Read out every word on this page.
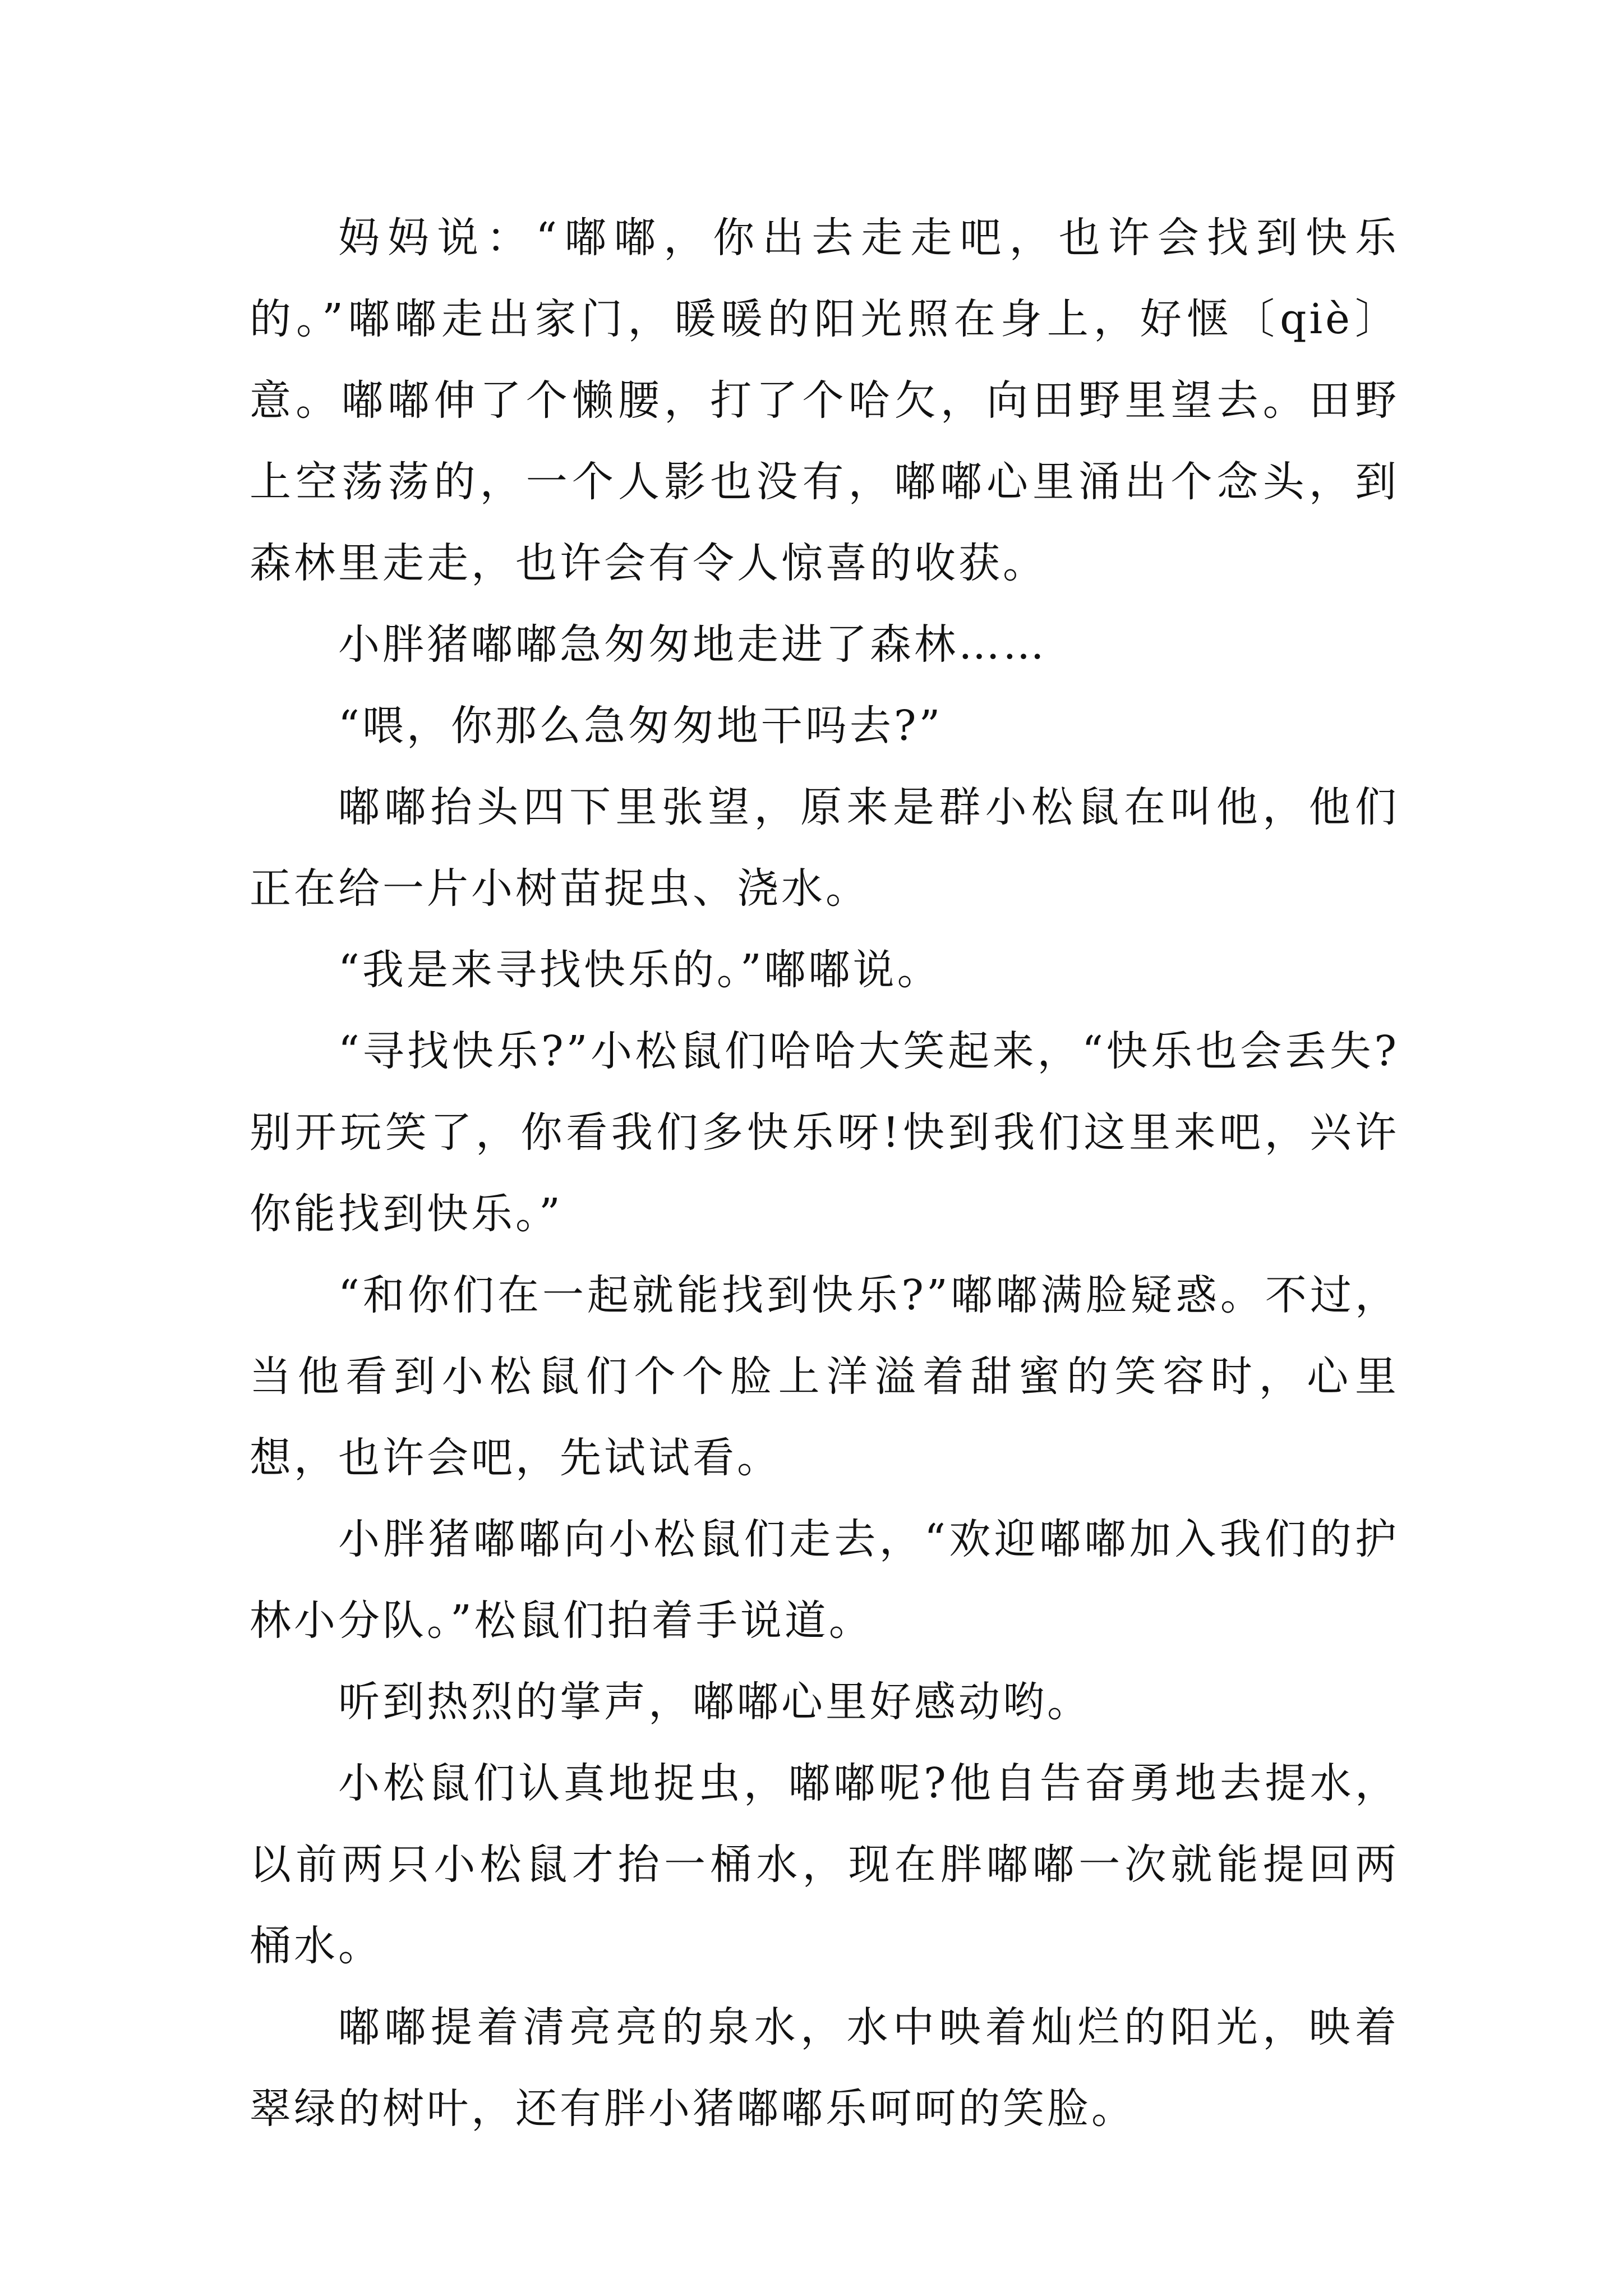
妈妈说：“嘟嘟，你出去走走吧，也许会找到快乐的。”嘟嘟走出家门，暖暖的阳光照在身上，好惬〔qiè〕意。嘟嘟伸了个懒腰，打了个哈欠，向田野里望去。田野上空荡荡的，一个人影也没有，嘟嘟心里涌出个念头，到森林里走走，也许会有令人惊喜的收获。

小胖猪嘟嘟急匆匆地走进了森林……

“喂，你那么急匆匆地干吗去?”

嘟嘟抬头四下里张望，原来是群小松鼠在叫他，他们正在给一片小树苗捉虫、浇水。

“我是来寻找快乐的。”嘟嘟说。

“寻找快乐?”小松鼠们哈哈大笑起来，“快乐也会丢失?别开玩笑了，你看我们多快乐呀!快到我们这里来吧，兴许你能找到快乐。”

“和你们在一起就能找到快乐?”嘟嘟满脸疑惑。不过，当他看到小松鼠们个个脸上洋溢着甜蜜的笑容时，心里想，也许会吧，先试试看。

小胖猪嘟嘟向小松鼠们走去，“欢迎嘟嘟加入我们的护林小分队。”松鼠们拍着手说道。

听到热烈的掌声，嘟嘟心里好感动哟。

小松鼠们认真地捉虫，嘟嘟呢?他自告奋勇地去提水，以前两只小松鼠才抬一桶水，现在胖嘟嘟一次就能提回两桶水。

嘟嘟提着清亮亮的泉水，水中映着灿烂的阳光，映着翠绿的树叶，还有胖小猪嘟嘟乐呵呵的笑脸。
